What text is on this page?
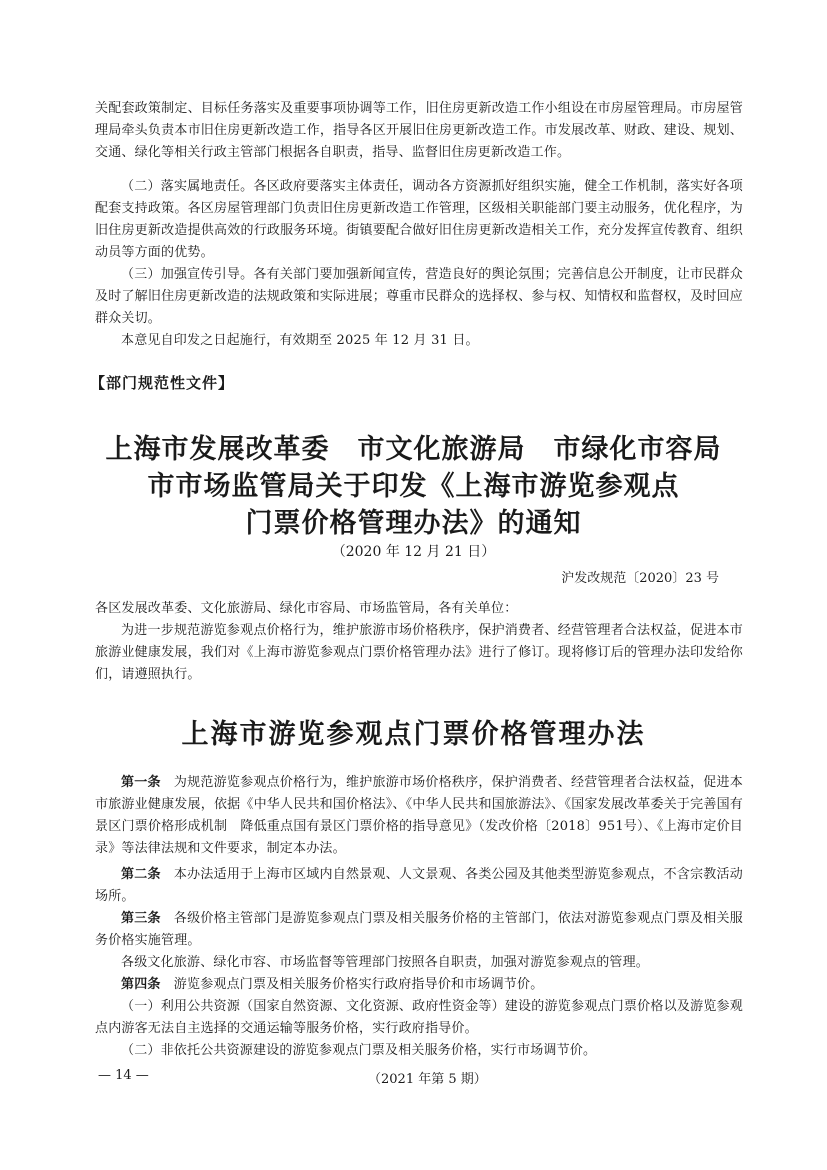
关配套政策制定、目标任务落实及重要事项协调等工作，旧住房更新改造工作小组设在市房屋管理局。市房屋管理局牵头负责本市旧住房更新改造工作，指导各区开展旧住房更新改造工作。市发展改革、财政、建设、规划、交通、绿化等相关行政主管部门根据各自职责，指导、监督旧住房更新改造工作。

（二）落实属地责任。各区政府要落实主体责任，调动各方资源抓好组织实施，健全工作机制，落实好各项配套支持政策。各区房屋管理部门负责旧住房更新改造工作管理，区级相关职能部门要主动服务，优化程序，为旧住房更新改造提供高效的行政服务环境。街镇要配合做好旧住房更新改造相关工作，充分发挥宣传教育、组织动员等方面的优势。

（三）加强宣传引导。各有关部门要加强新闻宣传，营造良好的舆论氛围；完善信息公开制度，让市民群众及时了解旧住房更新改造的法规政策和实际进展；尊重市民群众的选择权、参与权、知情权和监督权，及时回应群众关切。

本意见自印发之日起施行，有效期至 2025 年 12 月 31 日。

【部门规范性文件】
上海市发展改革委　市文化旅游局　市绿化市容局
市市场监管局关于印发《上海市游览参观点
门票价格管理办法》的通知
（2020 年 12 月 21 日）
沪发改规范〔2020〕23 号

各区发展改革委、文化旅游局、绿化市容局、市场监管局，各有关单位：

为进一步规范游览参观点价格行为，维护旅游市场价格秩序，保护消费者、经营管理者合法权益，促进本市旅游业健康发展，我们对《上海市游览参观点门票价格管理办法》进行了修订。现将修订后的管理办法印发给你们，请遵照执行。

上海市游览参观点门票价格管理办法

第一条　为规范游览参观点价格行为，维护旅游市场价格秩序，保护消费者、经营管理者合法权益，促进本市旅游业健康发展，依据《中华人民共和国价格法》、《中华人民共和国旅游法》、《国家发展改革委关于完善国有景区门票价格形成机制　降低重点国有景区门票价格的指导意见》（发改价格〔2018〕951号）、《上海市定价目录》等法律法规和文件要求，制定本办法。

第二条　本办法适用于上海市区域内自然景观、人文景观、各类公园及其他类型游览参观点，不含宗教活动场所。

第三条　各级价格主管部门是游览参观点门票及相关服务价格的主管部门，依法对游览参观点门票及相关服务价格实施管理。

各级文化旅游、绿化市容、市场监督等管理部门按照各自职责，加强对游览参观点的管理。

第四条　游览参观点门票及相关服务价格实行政府指导价和市场调节价。

（一）利用公共资源（国家自然资源、文化资源、政府性资金等）建设的游览参观点门票价格以及游览参观点内游客无法自主选择的交通运输等服务价格，实行政府指导价。

（二）非依托公共资源建设的游览参观点门票及相关服务价格，实行市场调节价。

— 14 —	（2021 年第 5 期）
